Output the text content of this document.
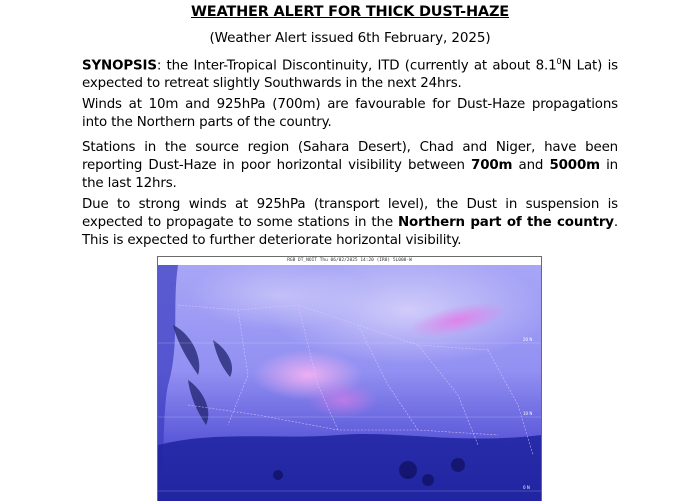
WEATHER ALERT FOR THICK DUST-HAZE
(Weather Alert issued 6th February, 2025)
SYNOPSIS: the Inter-Tropical Discontinuity, ITD (currently at about $8.1^0N$ Lat) is expected to retreat slightly Southwards in the next 24hrs.
Winds at 10m and 925hPa (700m) are favourable for Dust-Haze propagations into the Northern parts of the country.
Stations in the source region (Sahara Desert), Chad and Niger, have been reporting Dust-Haze in poor horizontal visibility between 700m and 5000m in the last 12hrs.
Due to strong winds at 925hPa (transport level), the Dust in suspension is expected to propagate to some stations in the Northern part of the country. This is expected to further deteriorate horizontal visibility.
RGB DT_NOIT Thu 06/02/2025 14:20 (IR8) 5L000-W
20 N
10 N
0 N
